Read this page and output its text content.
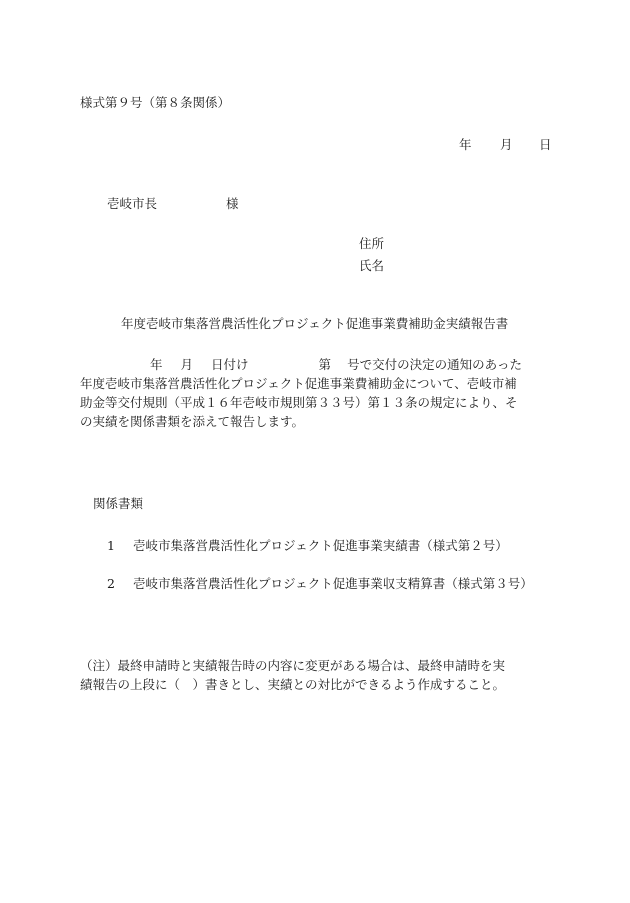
様式第９号（第８条関係）
年 月 日
壱岐市長	様
住所
氏名
年度壱岐市集落営農活性化プロジェクト促進事業費補助金実績報告書
年 月 日付け	第 号で交付の決定の通知のあった
年度壱岐市集落営農活性化プロジェクト促進事業費補助金について、壱岐市補
助金等交付規則（平成１６年壱岐市規則第３３号）第１３条の規定により、そ
の実績を関係書類を添えて報告します。
関係書類
1 壱岐市集落営農活性化プロジェクト促進事業実績書（様式第２号）
2 壱岐市集落営農活性化プロジェクト促進事業収支精算書（様式第３号）
（注）最終申請時と実績報告時の内容に変更がある場合は、最終申請時を実
績報告の上段に（　）書きとし、実績との対比ができるよう作成すること。
